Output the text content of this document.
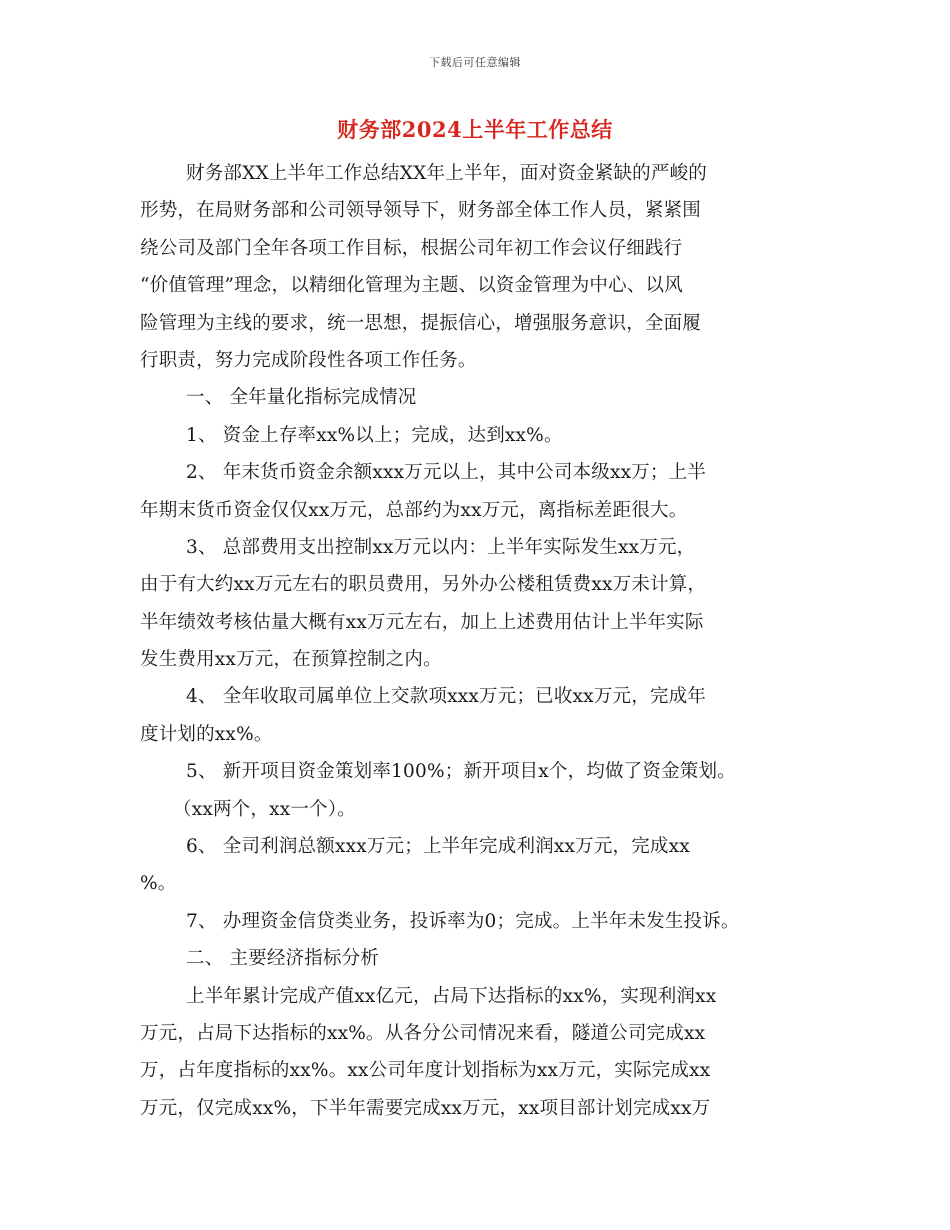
下载后可任意编辑
财务部2024上半年工作总结
财务部XX上半年工作总结XX年上半年，面对资金紧缺的严峻的
形势，在局财务部和公司领导领导下，财务部全体工作人员，紧紧围
绕公司及部门全年各项工作目标，根据公司年初工作会议仔细践行
“价值管理”理念，以精细化管理为主题、以资金管理为中心、以风
险管理为主线的要求，统一思想，提振信心，增强服务意识，全面履
行职责，努力完成阶段性各项工作任务。
一、 全年量化指标完成情况
1、 资金上存率xx%以上；完成，达到xx%。
2、 年末货币资金余额xxx万元以上，其中公司本级xx万；上半
年期末货币资金仅仅xx万元，总部约为xx万元，离指标差距很大。
3、 总部费用支出控制xx万元以内：上半年实际发生xx万元，
由于有大约xx万元左右的职员费用，另外办公楼租赁费xx万未计算，
半年绩效考核估量大概有xx万元左右，加上上述费用估计上半年实际
发生费用xx万元，在预算控制之内。
4、 全年收取司属单位上交款项xxx万元；已收xx万元，完成年
度计划的xx%。
5、 新开项目资金策划率100%；新开项目x个，均做了资金策划。
（xx两个，xx一个）。
6、 全司利润总额xxx万元；上半年完成利润xx万元，完成xx
%。
7、 办理资金信贷类业务，投诉率为0；完成。上半年未发生投诉。
二、 主要经济指标分析
上半年累计完成产值xx亿元，占局下达指标的xx%，实现利润xx
万元，占局下达指标的xx%。从各分公司情况来看，隧道公司完成xx
万，占年度指标的xx%。xx公司年度计划指标为xx万元，实际完成xx
万元，仅完成xx%，下半年需要完成xx万元，xx项目部计划完成xx万
